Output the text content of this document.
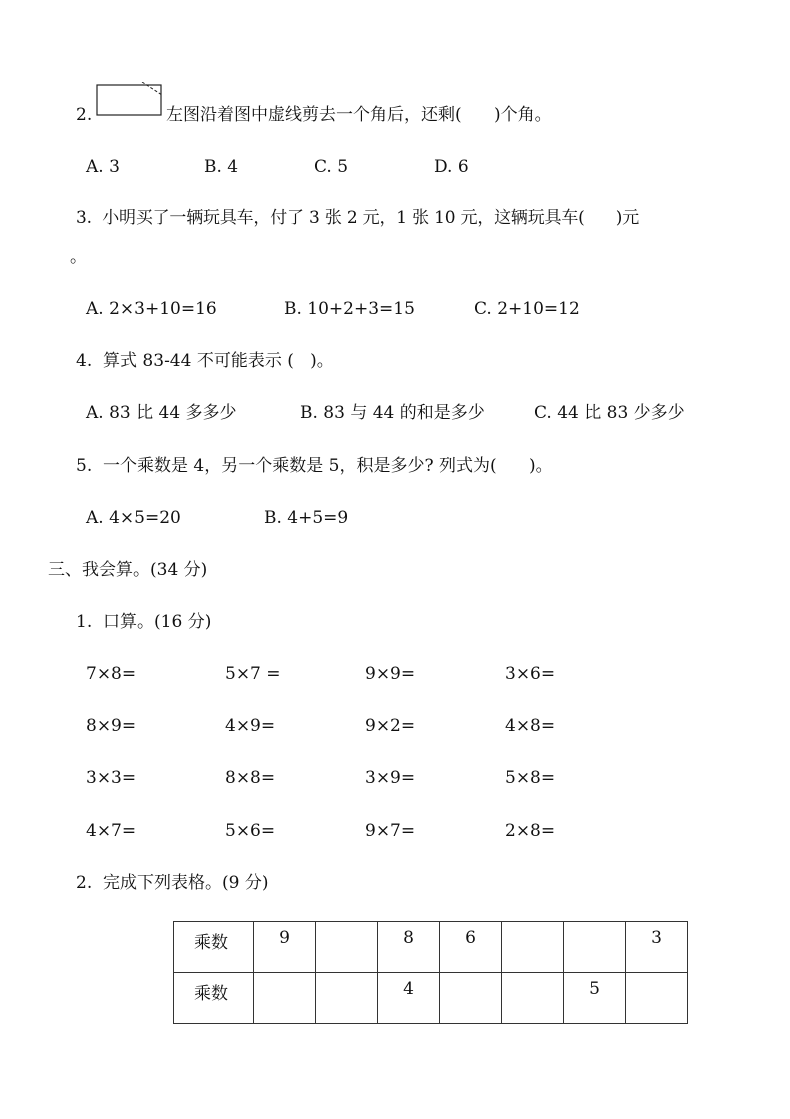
2.	左图沿着图中虚线剪去一个角后，还剩(      )个角。
A. 3	B. 4	C. 5	D. 6
3.  小明买了一辆玩具车，付了 3 张 2 元，1 张 10 元，这辆玩具车(      )元
。
A. 2×3+10=16	B. 10+2+3=15	C. 2+10=12
4.  算式 83-44 不可能表示 (   )。
A. 83 比 44 多多少	B. 83 与 44 的和是多少	C. 44 比 83 少多少
5.  一个乘数是 4，另一个乘数是 5，积是多少? 列式为(      )。
A. 4×5=20	B. 4+5=9
三、我会算。(34 分)
1.  口算。(16 分)
7×8=	5×7 =	9×9=	3×6=
8×9=	4×9=	9×2=	4×8=
3×3=	8×8=	3×9=	5×8=
4×7=	5×6=	9×7=	2×8=
2.  完成下列表格。(9 分)
乘数	9		8	6			3
乘数			4			5	
